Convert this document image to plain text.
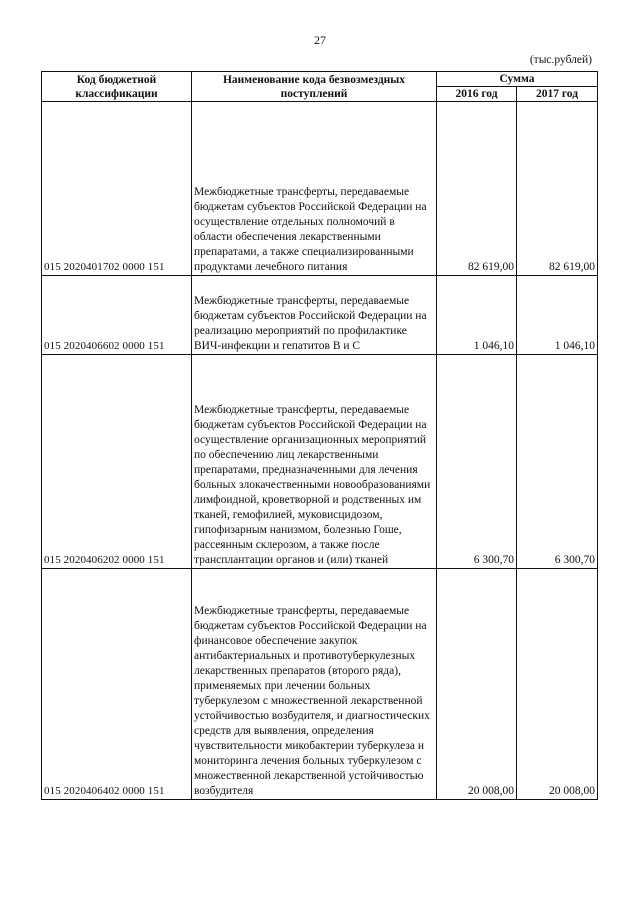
27
(тыс.рублей)
Код бюджетной классификации	Наименование кода безвозмездных поступлений	Сумма	
		2016 год	2017 год
015 2020401702 0000 151	Межбюджетные трансферты, передаваемые бюджетам субъектов Российской Федерации на осуществление отдельных полномочий в области обеспечения лекарственными препаратами, а также специализированными продуктами лечебного питания	82 619,00	82 619,00
015 2020406602 0000 151	Межбюджетные трансферты, передаваемые бюджетам субъектов Российской Федерации на реализацию мероприятий по профилактике ВИЧ-инфекции и гепатитов B и C	1 046,10	1 046,10
015 2020406202 0000 151	Межбюджетные трансферты, передаваемые бюджетам субъектов Российской Федерации на осуществление организационных мероприятий по обеспечению лиц лекарственными препаратами, предназначенными для лечения больных злокачественными новообразованиями лимфоидной, кроветворной и родственных им тканей, гемофилией, муковисцидозом, гипофизарным нанизмом, болезнью Гоше, рассеянным склерозом, а также после трансплантации органов и (или) тканей	6 300,70	6 300,70
015 2020406402 0000 151	Межбюджетные трансферты, передаваемые бюджетам субъектов Российской Федерации на финансовое обеспечение закупок антибактериальных и противотуберкулезных лекарственных препаратов (второго ряда), применяемых при лечении больных туберкулезом с множественной лекарственной устойчивостью возбудителя, и диагностических средств для выявления, определения чувствительности микобактерии туберкулеза и мониторинга лечения больных туберкулезом с множественной лекарственной устойчивостью возбудителя	20 008,00	20 008,00
